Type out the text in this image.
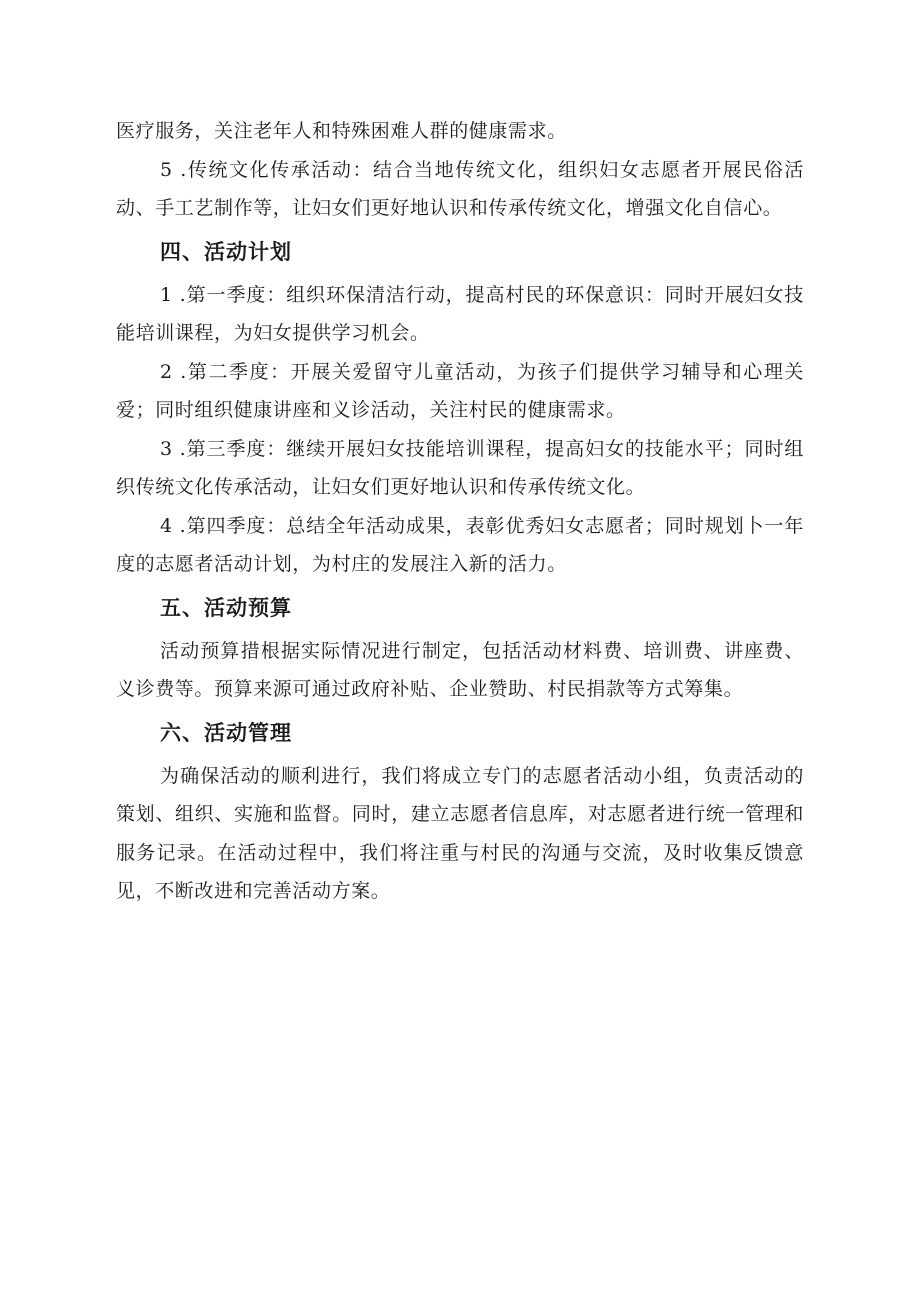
医疗服务，关注老年人和特殊困难人群的健康需求。

5 .传统文化传承活动：结合当地传统文化，组织妇女志愿者开展民俗活动、手工艺制作等，让妇女们更好地认识和传承传统文化，增强文化自信心。

四、活动计划

1 .第一季度：组织环保清洁行动，提高村民的环保意识：同时开展妇女技能培训课程，为妇女提供学习机会。

2 .第二季度：开展关爱留守儿童活动，为孩子们提供学习辅导和心理关爱；同时组织健康讲座和义诊活动，关注村民的健康需求。

3 .第三季度：继续开展妇女技能培训课程，提高妇女的技能水平；同时组织传统文化传承活动，让妇女们更好地认识和传承传统文化。

4 .第四季度：总结全年活动成果，表彰优秀妇女志愿者；同时规划卜一年度的志愿者活动计划，为村庄的发展注入新的活力。

五、活动预算

活动预算措根据实际情况进行制定，包括活动材料费、培训费、讲座费、义诊费等。预算来源可通过政府补贴、企业赞助、村民捐款等方式筹集。

六、活动管理

为确保活动的顺利进行，我们将成立专门的志愿者活动小组，负责活动的策划、组织、实施和监督。同时，建立志愿者信息库，对志愿者进行统一管理和服务记录。在活动过程中，我们将注重与村民的沟通与交流，及时收集反馈意见，不断改进和完善活动方案。
